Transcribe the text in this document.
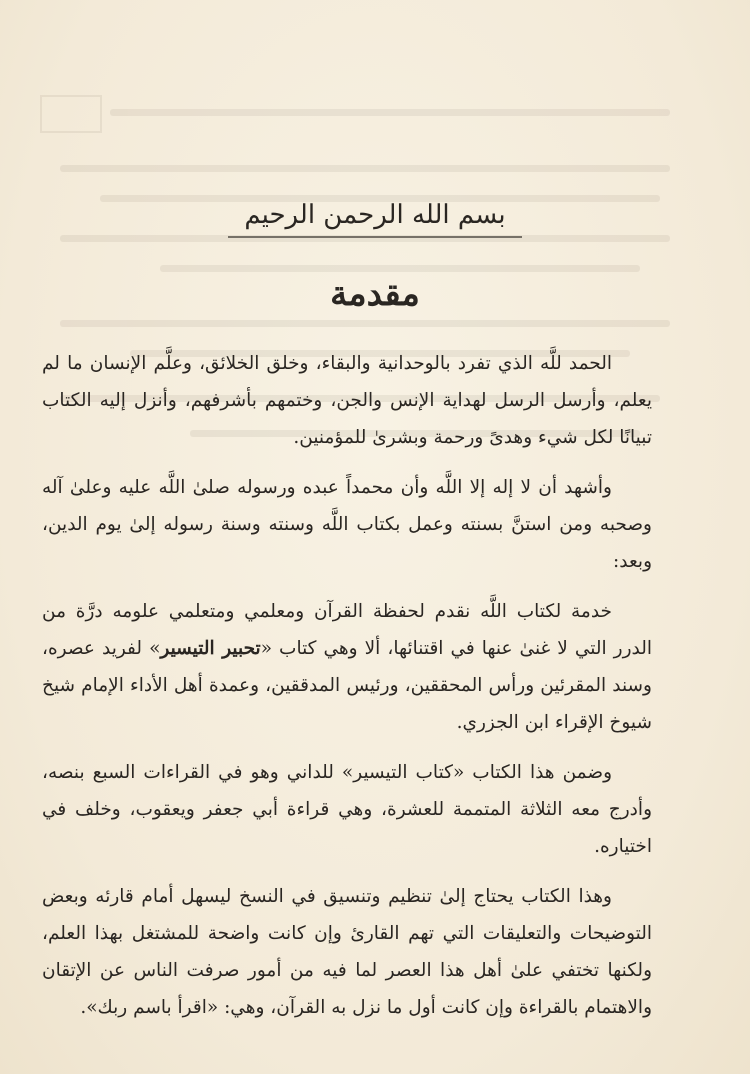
بسم الله الرحمن الرحيم
مقدمة

الحمد للَّه الذي تفرد بالوحدانية والبقاء، وخلق الخلائق، وعلَّم الإنسان ما لم يعلم، وأرسل الرسل لهداية الإنس والجن، وختمهم بأشرفهم، وأنزل إليه الكتاب تبيانًا لكل شيء وهدىً ورحمة وبشرىٰ للمؤمنين.

وأشهد أن لا إله إلا اللَّه وأن محمداً عبده ورسوله صلىٰ اللَّه عليه وعلىٰ آله وصحبه ومن استنَّ بسنته وعمل بكتاب اللَّه وسنته وسنة رسوله إلىٰ يوم الدين، وبعد:

خدمة لكتاب اللَّه نقدم لحفظة القرآن ومعلمي ومتعلمي علومه درَّة من الدرر التي لا غنىٰ عنها في اقتنائها، ألا وهي كتاب «تحبير التيسير» لفريد عصره، وسند المقرئين ورأس المحققين، ورئيس المدققين، وعمدة أهل الأداء الإمام شيخ شيوخ الإقراء ابن الجزري.

وضمن هذا الكتاب «كتاب التيسير» للداني وهو في القراءات السبع بنصه، وأدرج معه الثلاثة المتممة للعشرة، وهي قراءة أبي جعفر ويعقوب، وخلف في اختياره.

وهذا الكتاب يحتاج إلىٰ تنظيم وتنسيق في النسخ ليسهل أمام قارئه وبعض التوضيحات والتعليقات التي تهم القارئ وإن كانت واضحة للمشتغل بهذا العلم، ولكنها تختفي علىٰ أهل هذا العصر لما فيه من أمور صرفت الناس عن الإتقان والاهتمام بالقراءة وإن كانت أول ما نزل به القرآن، وهي: «اقرأ باسم ربك».
